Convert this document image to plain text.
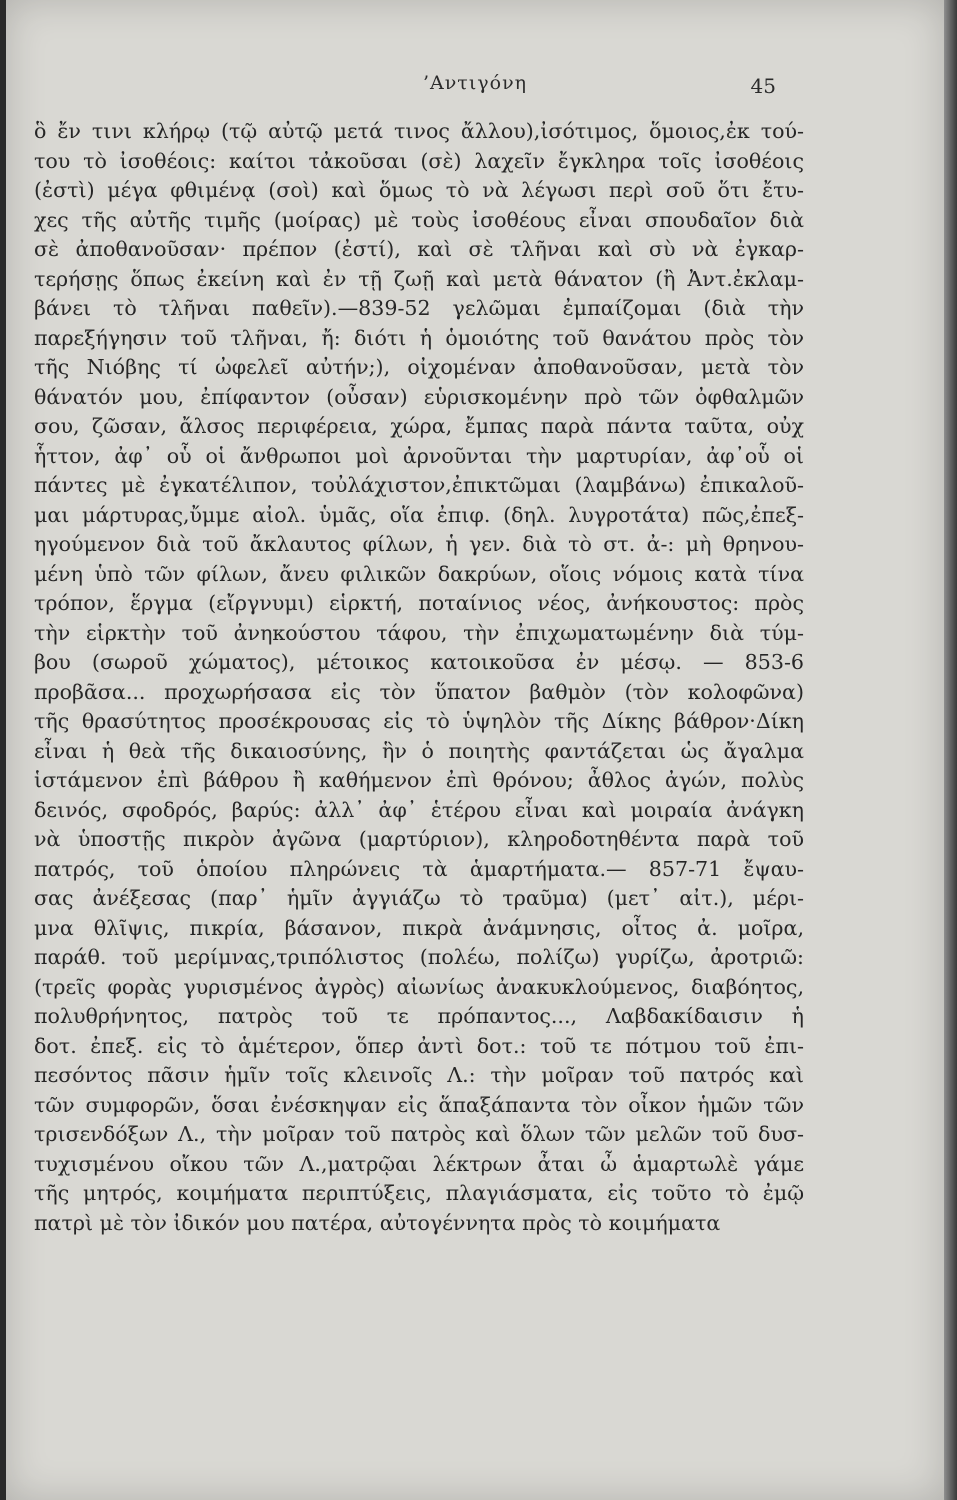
’Αντιγόνη	45
ὃ ἔν τινι κλήρῳ (τῷ αὐτῷ μετά τινος ἄλλου),ἰσότιμος, ὅμοιος,ἐκ τού-
του τὸ ἰσοθέοις: καίτοι τἀκοῦσαι (σὲ) λαχεῖν ἔγκληρα τοῖς ἰσοθέοις
(ἐστὶ) μέγα φθιμένᾳ (σοὶ) καὶ ὅμως τὸ νὰ λέγωσι περὶ σοῦ ὅτι ἔτυ-
χες τῆς αὐτῆς τιμῆς (μοίρας) μὲ τοὺς ἰσοθέους εἶναι σπουδαῖον διὰ
σὲ ἀποθανοῦσαν· πρέπον (ἐστί), καὶ σὲ τλῆναι καὶ σὺ νὰ ἐγκαρ-
τερήσῃς ὅπως ἐκείνη καὶ ἐν τῇ ζωῇ καὶ μετὰ θάνατον (ἢ Ἀντ.ἐκλαμ-
βάνει τὸ τλῆναι παθεῖν).—839-52 γελῶμαι ἐμπαίζομαι (διὰ τὴν
παρεξήγησιν τοῦ τλῆναι, ἤ: διότι ἡ ὁμοιότης τοῦ θανάτου πρὸς τὸν
τῆς Νιόβης τί ὠφελεῖ αὐτήν;), οἰχομέναν ἀποθανοῦσαν, μετὰ τὸν
θάνατόν μου, ἐπίφαντον (οὖσαν) εὑρισκομένην πρὸ τῶν ὀφθαλμῶν
σου, ζῶσαν, ἄλσος περιφέρεια, χώρα, ἔμπας παρὰ πάντα ταῦτα, οὐχ
ἧττον, ἀφ᾽ οὗ οἱ ἄνθρωποι μοὶ ἀρνοῦνται τὴν μαρτυρίαν, ἀφ᾽οὗ οἱ
πάντες μὲ ἐγκατέλιπον, τοὐλάχιστον,ἐπικτῶμαι (λαμβάνω) ἐπικαλοῦ-
μαι μάρτυρας,ὔμμε αἰολ. ὑμᾶς, οἵα ἐπιφ. (δηλ. λυγροτάτα) πῶς,ἐπεξ-
ηγούμενον διὰ τοῦ ἄκλαυτος φίλων, ἡ γεν. διὰ τὸ στ. ἀ-: μὴ θρηνου-
μένη ὑπὸ τῶν φίλων, ἄνευ φιλικῶν δακρύων, οἵοις νόμοις κατὰ τίνα
τρόπον, ἕργμα (εἴργνυμι) εἱρκτή, ποταίνιος νέος, ἀνήκουστος: πρὸς
τὴν εἱρκτὴν τοῦ ἀνηκούστου τάφου, τὴν ἐπιχωματωμένην διὰ τύμ-
βου (σωροῦ χώματος), μέτοικος κατοικοῦσα ἐν μέσῳ. — 853-6
προβᾶσα... προχωρήσασα εἰς τὸν ὕπατον βαθμὸν (τὸν κολοφῶνα)
τῆς θρασύτητος προσέκρουσας εἰς τὸ ὑψηλὸν τῆς Δίκης βάθρον·Δίκη
εἶναι ἡ θεὰ τῆς δικαιοσύνης, ἣν ὁ ποιητὴς φαντάζεται ὡς ἄγαλμα
ἱστάμενον ἐπὶ βάθρου ἢ καθήμενον ἐπὶ θρόνου; ἆθλος ἀγών, πολὺς
δεινός, σφοδρός, βαρύς: ἀλλ᾽ ἀφ᾽ ἑτέρου εἶναι καὶ μοιραία ἀνάγκη
νὰ ὑποστῇς πικρὸν ἀγῶνα (μαρτύριον), κληροδοτηθέντα παρὰ τοῦ
πατρός, τοῦ ὁποίου πληρώνεις τὰ ἁμαρτήματα.— 857-71 ἔψαυ-
σας ἀνέξεσας (παρ᾽ ἡμῖν ἀγγιάζω τὸ τραῦμα) (μετ᾽ αἰτ.), μέρι-
μνα θλῖψις, πικρία, βάσανον, πικρὰ ἀνάμνησις, οἶτος ἀ. μοῖρα,
παράθ. τοῦ μερίμνας,τριπόλιστος (πολέω, πολίζω) γυρίζω, ἀροτριῶ:
(τρεῖς φορὰς γυρισμένος ἀγρὸς) αἰωνίως ἀνακυκλούμενος, διαβόητος,
πολυθρήνητος, πατρὸς τοῦ τε πρόπαντος..., Λαβδακίδαισιν ἡ
δοτ. ἐπεξ. εἰς τὸ ἁμέτερον, ὅπερ ἀντὶ δοτ.: τοῦ τε πότμου τοῦ ἐπι-
πεσόντος πᾶσιν ἡμῖν τοῖς κλεινοῖς Λ.: τὴν μοῖραν τοῦ πατρός καὶ
τῶν συμφορῶν, ὅσαι ἐνέσκηψαν εἰς ἅπαξάπαντα τὸν οἶκον ἡμῶν τῶν
τρισενδόξων Λ., τὴν μοῖραν τοῦ πατρὸς καὶ ὅλων τῶν μελῶν τοῦ δυσ-
τυχισμένου οἴκου τῶν Λ.,ματρῷαι λέκτρων ἆται ὦ ἁμαρτωλὲ γάμε
τῆς μητρός, κοιμήματα περιπτύξεις, πλαγιάσματα, εἰς τοῦτο τὸ ἐμῷ
πατρὶ μὲ τὸν ἰδικόν μου πατέρα, αὐτογέννητα πρὸς τὸ κοιμήματα
